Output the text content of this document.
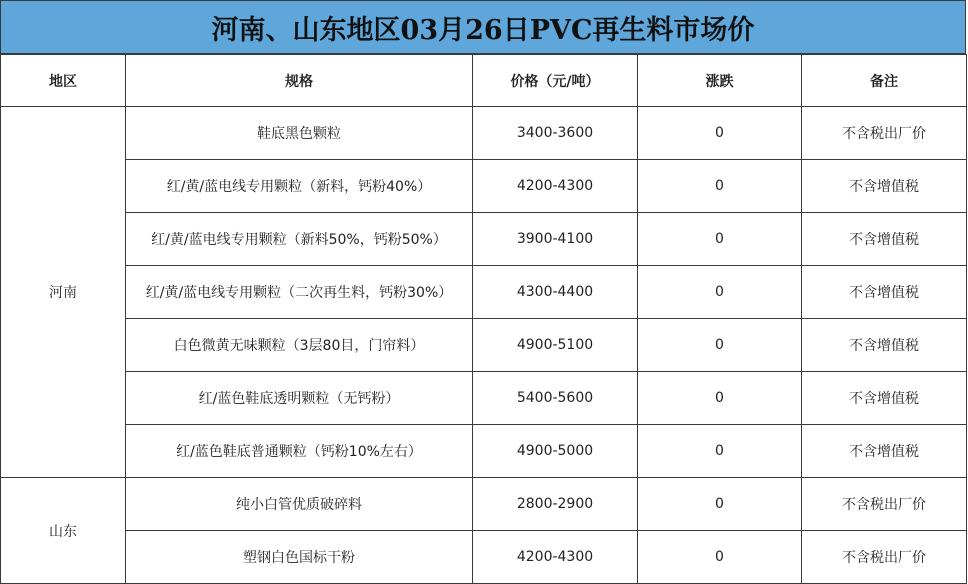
河南、山东地区03月26日PVC再生料市场价
地区	规格	价格（元/吨）	涨跌	备注
河南	鞋底黑色颗粒	3400-3600	0	不含税出厂价
	红/黄/蓝电线专用颗粒（新料，钙粉40%）	4200-4300	0	不含增值税
	红/黄/蓝电线专用颗粒（新料50%，钙粉50%）	3900-4100	0	不含增值税
	红/黄/蓝电线专用颗粒（二次再生料，钙粉30%）	4300-4400	0	不含增值税
	白色微黄无味颗粒（3层80目，门帘料）	4900-5100	0	不含增值税
	红/蓝色鞋底透明颗粒（无钙粉）	5400-5600	0	不含增值税
	红/蓝色鞋底普通颗粒（钙粉10%左右）	4900-5000	0	不含增值税
山东	纯小白管优质破碎料	2800-2900	0	不含税出厂价
	塑钢白色国标干粉	4200-4300	0	不含税出厂价
